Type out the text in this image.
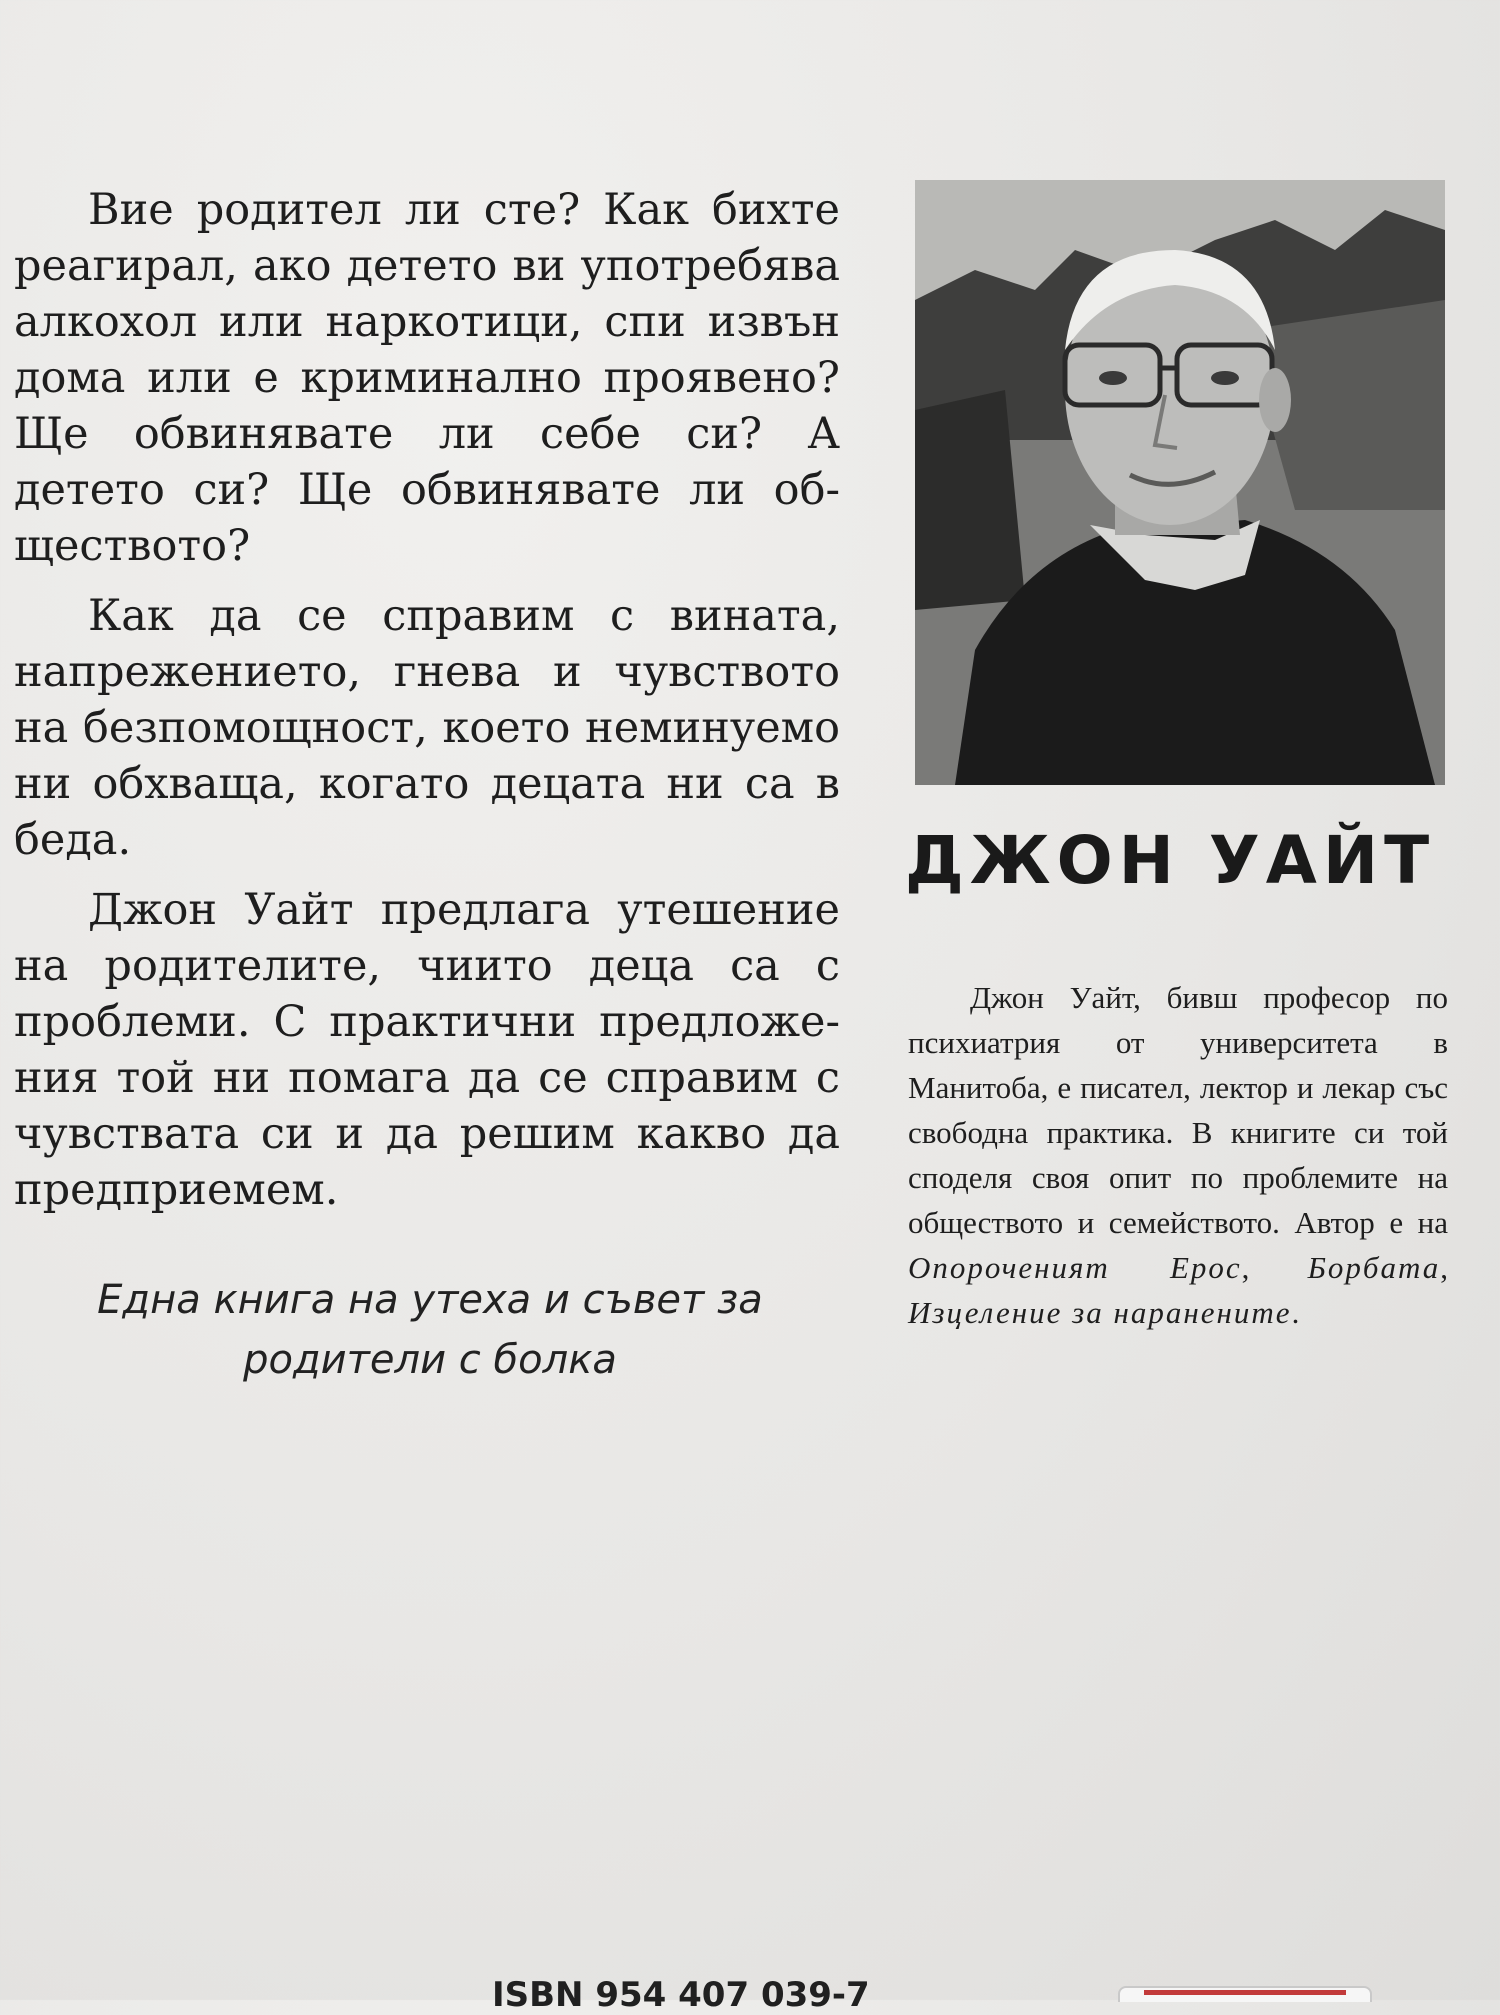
Вие родител ли сте? Как бихте реагирал, ако детето ви употребява алкохол или наркотици, спи извън дома или е криминално проявено? Ще обвинявате ли себе си? А детето си? Ще обвинявате ли обществото?

Как да се справим с вината, напрежението, гнева и чувството на безпомощност, което неминуемо ни обхваща, когато децата ни са в беда.

Джон Уайт предлага утешение на родителите, чиито деца са с проблеми. С практични предложения той ни помага да се справим с чувствата си и да решим какво да предприемем.

Една книга на утеха и съвет за
родители с болка
ДЖОН УАЙТ
Джон Уайт, бивш професор по психиатрия от университета в Манитоба, е писател, лектор и лекар със свободна практика. В книгите си той споделя своя опит по проблемите на обществото и семейството. Автор е на Опороченият Ерос, Борбата, Изцеление за наранените.
ISBN 954 407 039-7
